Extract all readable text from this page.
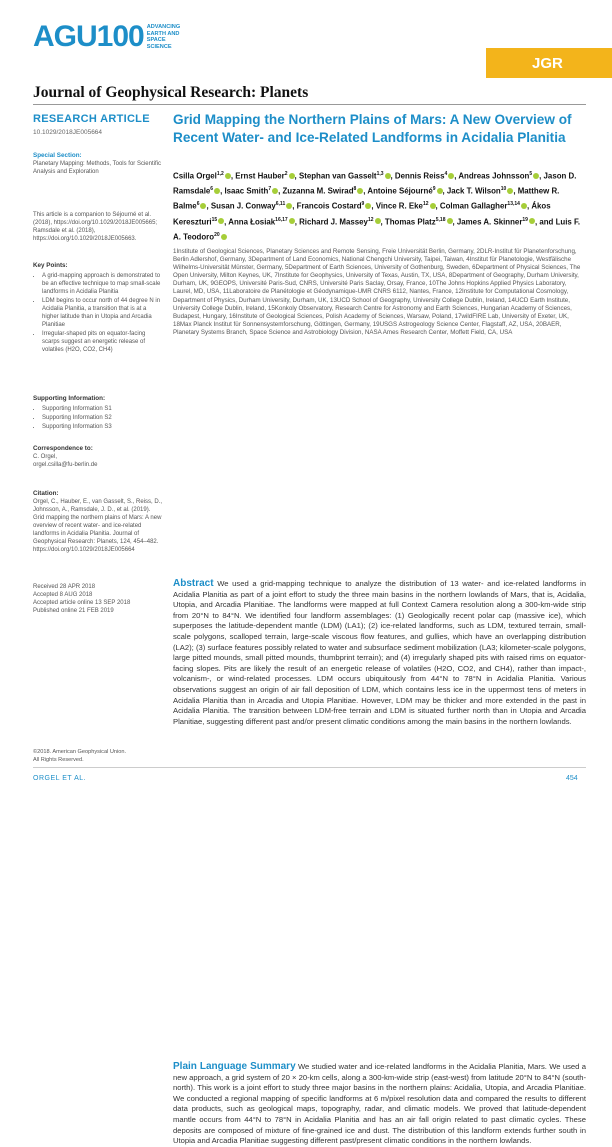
AGU100 ADVANCING EARTH AND SPACE SCIENCE
JGR
Journal of Geophysical Research: Planets
RESEARCH ARTICLE
10.1029/2018JE005664
Special Section:
Planetary Mapping: Methods, Tools for Scientific Analysis and Exploration
This article is a companion to Séjourné et al. (2018), https://doi.org/10.1029/2018JE005665; Ramsdale et al. (2018), https://doi.org/10.1029/2018JE005663.
Key Points:
• A grid-mapping approach is demonstrated to be an effective technique to map small-scale landforms in Acidalia Planitia
• LDM begins to occur north of 44 degree N in Acidalia Planitia, a transition that is at a higher latitude than in Utopia and Arcadia Planitiae
• Irregular-shaped pits on equator-facing scarps suggest an energetic release of volatiles (H2O, CO2, CH4)
Supporting Information:
• Supporting Information S1
• Supporting Information S2
• Supporting Information S3
Correspondence to:
C. Orgel,
orgel.csilla@fu-berlin.de
Citation:
Orgel, C., Hauber, E., van Gasselt, S., Reiss, D., Johnsson, A., Ramsdale, J. D., et al. (2019). Grid mapping the northern plains of Mars: A new overview of recent water- and ice-related landforms in Acidalia Planitia. Journal of Geophysical Research: Planets, 124, 454–482. https://doi.org/10.1029/2018JE005664
Received 28 APR 2018
Accepted 8 AUG 2018
Accepted article online 13 SEP 2018
Published online 21 FEB 2019
©2018. American Geophysical Union.
All Rights Reserved.
Grid Mapping the Northern Plains of Mars: A New Overview of Recent Water- and Ice-Related Landforms in Acidalia Planitia
Csilla Orgel$^{1,2}$ , Ernst Hauber$^2$ , Stephan van Gasselt$^{1,3}$ , Dennis Reiss$^4$ , Andreas Johnsson$^5$ , Jason D. Ramsdale$^6$ , Isaac Smith$^7$ , Zuzanna M. Swirad$^8$ , Antoine Séjourné$^9$ , Jack T. Wilson$^{10}$ , Matthew R. Balme$^6$ , Susan J. Conway$^{6,11}$ , Francois Costard$^9$ , Vince R. Eke$^{12}$ , Colman Gallagher$^{13,14}$ , Ákos Kereszturi$^{15}$ , Anna Łosiak$^{16,17}$ , Richard J. Massey$^{12}$ , Thomas Platz$^{5,18}$ , James A. Skinner$^{19}$ , and Luis F. A. Teodoro$^{20}$
1Institute of Geological Sciences, Planetary Sciences and Remote Sensing, Freie Universität Berlin, Germany, 2DLR-Institut für Planetenforschung, Berlin Adlershof, Germany, 3Department of Land Economics, National Chengchi University, Taipei, Taiwan, 4Institut für Planetologie, Westfälische Wilhelms-Universität Münster, Germany, 5Department of Earth Sciences, University of Gothenburg, Sweden, 6Department of Physical Sciences, The Open University, Milton Keynes, UK, 7Institute for Geophysics, University of Texas, Austin, TX, USA, 8Department of Geography, Durham University, Durham, UK, 9GEOPS, Université Paris-Sud, CNRS, Université Paris Saclay, Orsay, France, 10The Johns Hopkins Applied Physics Laboratory, Laurel, MD, USA, 11Laboratoire de Planétologie et Géodynamique-UMR CNRS 6112, Nantes, France, 12Institute for Computational Cosmology, Department of Physics, Durham University, Durham, UK, 13UCD School of Geography, University College Dublin, Ireland, 14UCD Earth Institute, University College Dublin, Ireland, 15Konkoly Observatory, Research Centre for Astronomy and Earth Sciences, Hungarian Academy of Sciences, Budapest, Hungary, 16Institute of Geological Sciences, Polish Academy of Sciences, Warsaw, Poland, 17wildFIRE Lab, University of Exeter, UK, 18Max Planck Institut für Sonnensystemforschung, Göttingen, Germany, 19USGS Astrogeology Science Center, Flagstaff, AZ, USA, 20BAER, Planetary Systems Branch, Space Science and Astrobiology Division, NASA Ames Research Center, Moffett Field, CA, USA
Abstract We used a grid-mapping technique to analyze the distribution of 13 water- and ice-related landforms in Acidalia Planitia as part of a joint effort to study the three main basins in the northern lowlands of Mars, that is, Acidalia, Utopia, and Arcadia Planitiae. The landforms were mapped at full Context Camera resolution along a 300-km-wide strip from 20°N to 84°N. We identified four landform assemblages: (1) Geologically recent polar cap (massive ice), which superposes the latitude-dependent mantle (LDM) (LA1); (2) ice-related landforms, such as LDM, textured terrain, small-scale polygons, scalloped terrain, large-scale viscous flow features, and gullies, which have an overlapping distribution (LA2); (3) surface features possibly related to water and subsurface sediment mobilization (LA3; kilometer-scale polygons, large pitted mounds, small pitted mounds, thumbprint terrain); and (4) irregularly shaped pits with raised rims on equator-facing slopes. Pits are likely the result of an energetic release of volatiles (H2O, CO2, and CH4), rather than impact-, volcanism-, or wind-related processes. LDM occurs ubiquitously from 44°N to 78°N in Acidalia Planitia. Various observations suggest an origin of air fall deposition of LDM, which contains less ice in the uppermost tens of meters in Acidalia Planitia than in Arcadia and Utopia Planitiae. However, LDM may be thicker and more extended in the past in Acidalia Planitia. The transition between LDM-free terrain and LDM is situated further north than in Utopia and Arcadia Planitiae, suggesting different past and/or present climatic conditions among the main basins in the northern lowlands.
Plain Language Summary We studied water and ice-related landforms in the Acidalia Planitia, Mars. We used a new approach, a grid system of 20 × 20-km cells, along a 300-km-wide strip (east-west) from latitude 20°N to 84°N (south-north). This work is a joint effort to study three major basins in the northern plains: Acidalia, Utopia, and Arcadia Planitiae. We conducted a regional mapping of specific landforms at 6 m/pixel resolution data and compared the results to different data products, such as geological maps, topography, radar, and climatic models. We proved that latitude-dependent mantle occurs from 44°N to 78°N in Acidalia Planitia and has an air fall origin related to past climatic cycles. These deposits are composed of mixture of fine-grained ice and dust. The distribution of this landform extends further south in Utopia and Arcadia Planitiae suggesting different past/present climatic conditions in the northern lowlands.
ORGEL ET AL.	454
